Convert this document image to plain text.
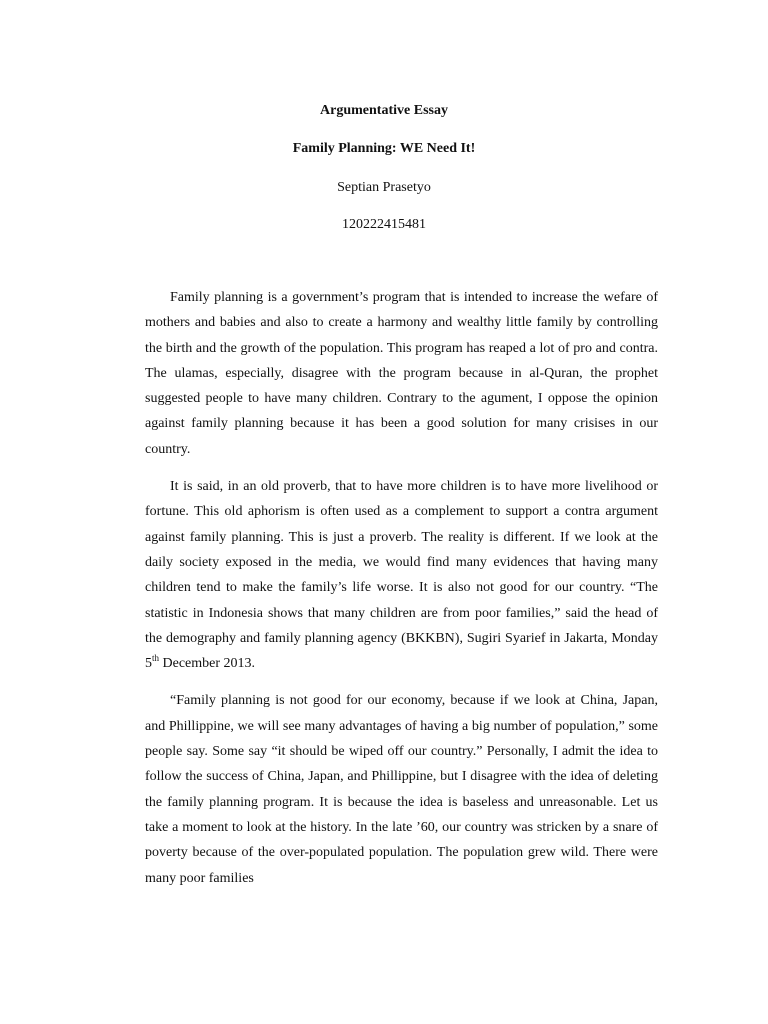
Argumentative Essay

Family Planning: WE Need It!

Septian Prasetyo

120222415481

Family planning is a government’s program that is intended to increase the wefare of mothers and babies and also to create a harmony and wealthy little family by controlling the birth and the growth of the population. This program has reaped a lot of pro and contra. The ulamas, especially, disagree with the program because in al-Quran, the prophet suggested people to have many children. Contrary to the agument, I oppose the opinion against family planning because it has been a good solution for many crisises in our country.

It is said, in an old proverb, that to have more children is to have more livelihood or fortune. This old aphorism is often used as a complement to support a contra argument against family planning. This is just a proverb. The reality is different. If we look at the daily society exposed in the media, we would find many evidences that having many children tend to make the family’s life worse. It is also not good for our country. “The statistic in Indonesia shows that many children are from poor families,” said the head of the demography and family planning agency (BKKBN), Sugiri Syarief in Jakarta, Monday 5th December 2013.

“Family planning is not good for our economy, because if we look at China, Japan, and Phillippine, we will see many advantages of having a big number of population,” some people say. Some say “it should be wiped off our country.” Personally, I admit the idea to follow the success of China, Japan, and Phillippine, but I disagree with the idea of deleting the family planning program. It is because the idea is baseless and unreasonable. Let us take a moment to look at the history. In the late ’60, our country was stricken by a snare of poverty because of the over-populated population. The population grew wild. There were many poor families
